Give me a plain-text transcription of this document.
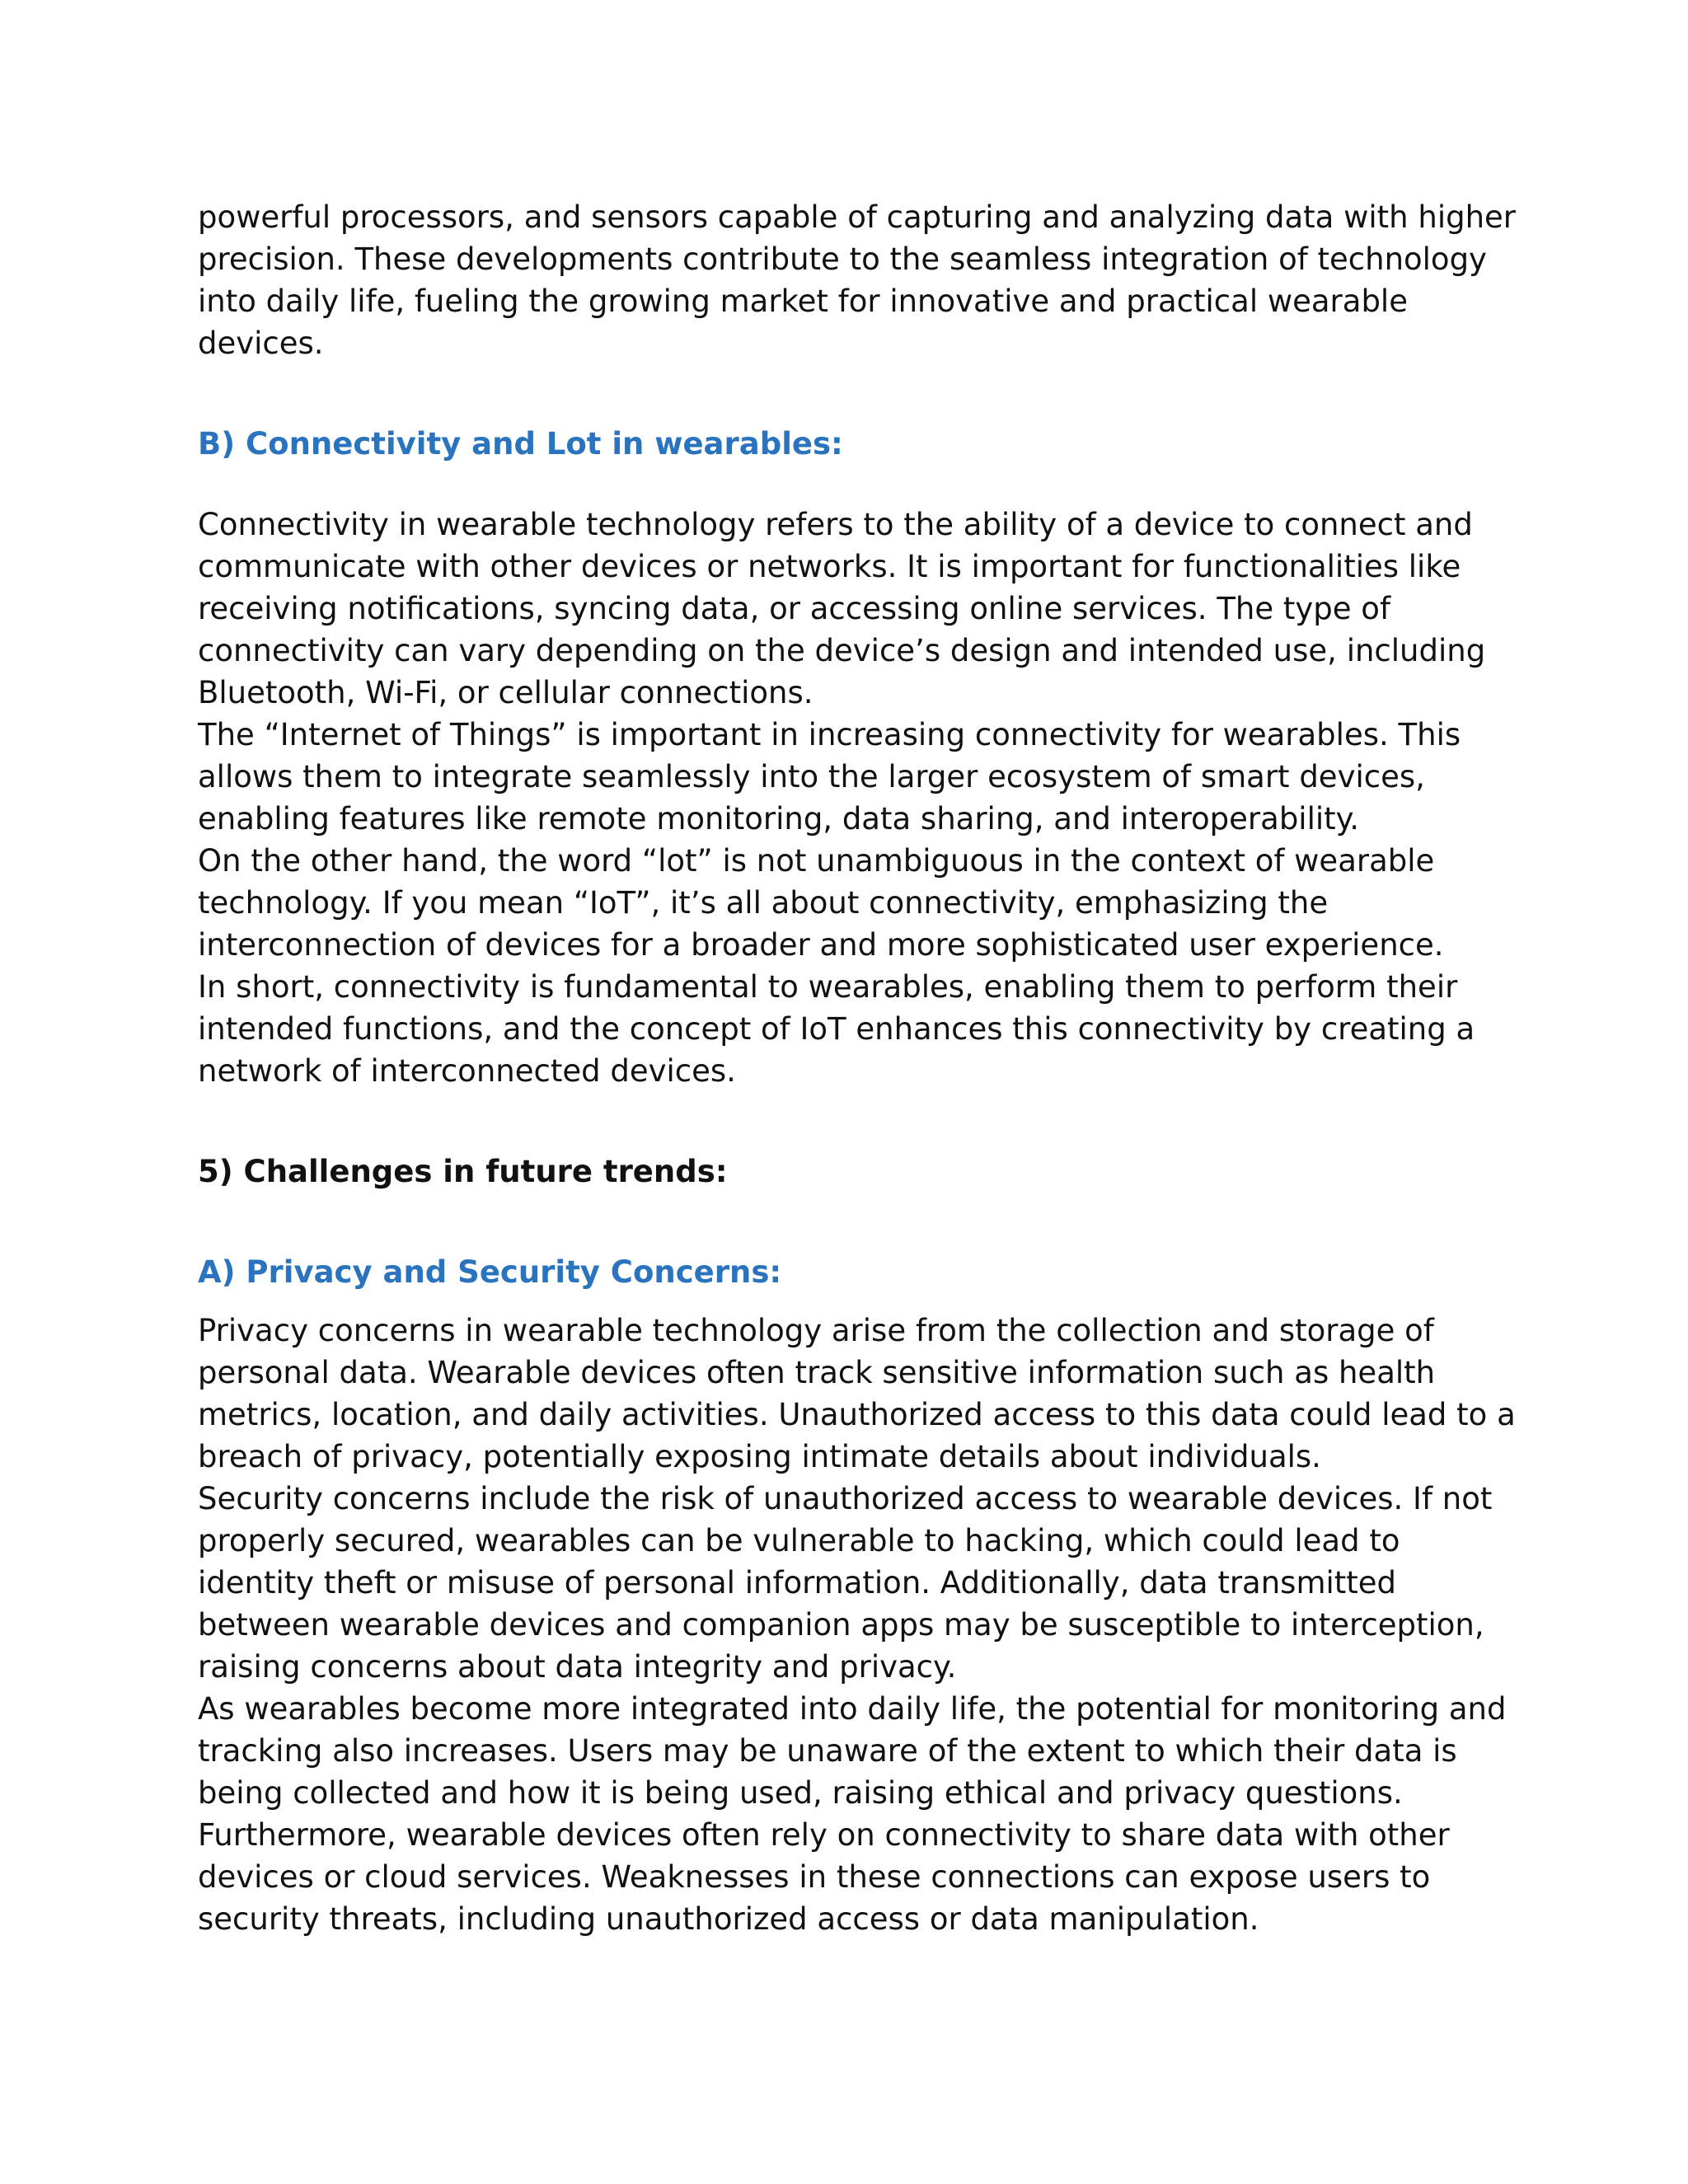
powerful processors, and sensors capable of capturing and analyzing data with higher precision. These developments contribute to the seamless integration of technology into daily life, fueling the growing market for innovative and practical wearable devices.

B) Connectivity and Lot in wearables:

Connectivity in wearable technology refers to the ability of a device to connect and communicate with other devices or networks. It is important for functionalities like receiving notifications, syncing data, or accessing online services. The type of connectivity can vary depending on the device’s design and intended use, including Bluetooth, Wi-Fi, or cellular connections.

The “Internet of Things” is important in increasing connectivity for wearables. This allows them to integrate seamlessly into the larger ecosystem of smart devices, enabling features like remote monitoring, data sharing, and interoperability.

On the other hand, the word “lot” is not unambiguous in the context of wearable technology. If you mean “IoT”, it’s all about connectivity, emphasizing the interconnection of devices for a broader and more sophisticated user experience.

In short, connectivity is fundamental to wearables, enabling them to perform their intended functions, and the concept of IoT enhances this connectivity by creating a network of interconnected devices.

5) Challenges in future trends:
A) Privacy and Security Concerns:

Privacy concerns in wearable technology arise from the collection and storage of personal data. Wearable devices often track sensitive information such as health metrics, location, and daily activities. Unauthorized access to this data could lead to a breach of privacy, potentially exposing intimate details about individuals.

Security concerns include the risk of unauthorized access to wearable devices. If not properly secured, wearables can be vulnerable to hacking, which could lead to identity theft or misuse of personal information. Additionally, data transmitted between wearable devices and companion apps may be susceptible to interception, raising concerns about data integrity and privacy.

As wearables become more integrated into daily life, the potential for monitoring and tracking also increases. Users may be unaware of the extent to which their data is being collected and how it is being used, raising ethical and privacy questions.

Furthermore, wearable devices often rely on connectivity to share data with other devices or cloud services. Weaknesses in these connections can expose users to security threats, including unauthorized access or data manipulation.
